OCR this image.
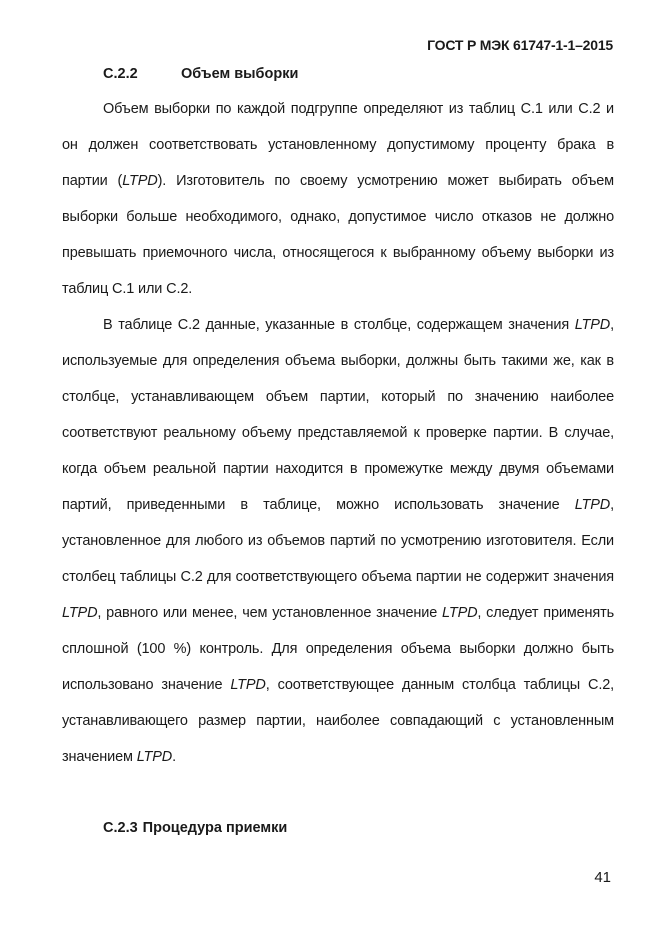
ГОСТ Р МЭК 61747-1-1–2015
C.2.2	Объем выборки

Объем выборки по каждой подгруппе определяют из таблиц С.1 или С.2 и он должен соответствовать установленному допустимому проценту брака в партии (LTPD). Изготовитель по своему усмотрению может выбирать объем выборки больше необходимого, однако, допустимое число отказов не должно превышать приемочного числа, относящегося к выбранному объему выборки из таблиц С.1 или С.2.

В таблице С.2 данные, указанные в столбце, содержащем значения LTPD, используемые для определения объема выборки, должны быть такими же, как в столбце, устанавливающем объем партии, который по значению наиболее соответствуют реальному объему представляемой к проверке партии. В случае, когда объем реальной партии находится в промежутке между двумя объемами партий, приведенными в таблице, можно использовать значение LTPD, установленное для любого из объемов партий по усмотрению изготовителя. Если столбец таблицы С.2 для соответствующего объема партии не содержит значения LTPD, равного или менее, чем установленное значение LTPD, следует применять сплошной (100 %) контроль. Для определения объема выборки должно быть использовано значение LTPD, соответствующее данным столбца таблицы С.2, устанавливающего размер партии, наиболее совпадающий с установленным значением LTPD.

C.2.3 Процедура приемки
41
